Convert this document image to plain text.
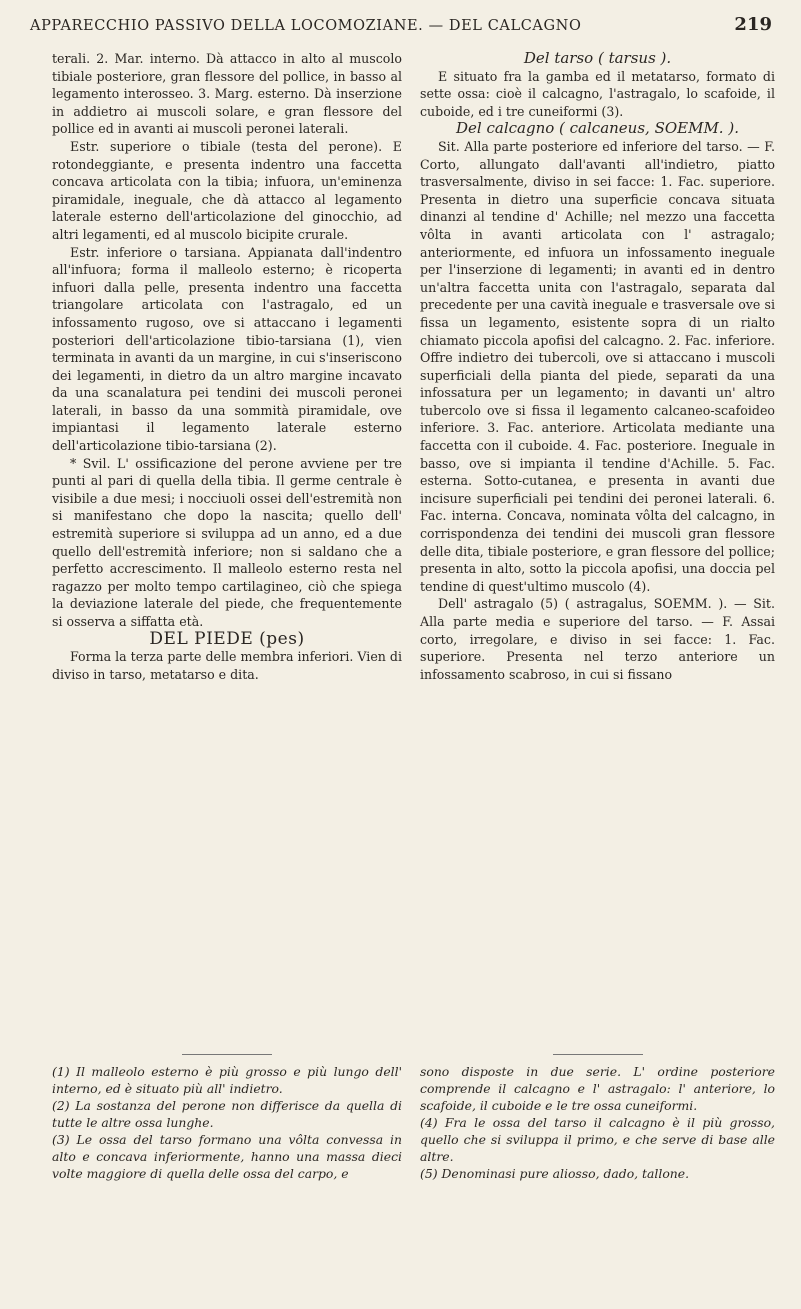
APPARECCHIO PASSIVO DELLA LOCOMOZIANE. — DEL CALCAGNO	219

terali. 2. Mar. interno. Dà attacco in alto al muscolo tibiale posteriore, gran flessore del pollice, in basso al legamento interosseo. 3. Marg. esterno. Dà inserzione in addietro ai muscoli solare, e gran flessore del pollice ed in avanti ai muscoli peronei laterali.

Estr. superiore o tibiale (testa del perone). E rotondeggiante, e presenta indentro una faccetta concava articolata con la tibia; infuora, un'eminenza piramidale, ineguale, che dà attacco al legamento laterale esterno dell'articolazione del ginocchio, ad altri legamenti, ed al muscolo bicipite crurale.

Estr. inferiore o tarsiana. Appianata dall'indentro all'infuora; forma il malleolo esterno; è ricoperta infuori dalla pelle, presenta indentro una faccetta triangolare articolata con l'astragalo, ed un infossamento rugoso, ove si attaccano i legamenti posteriori dell'articolazione tibio-tarsiana (1), vien terminata in avanti da un margine, in cui s'inseriscono dei legamenti, in dietro da un altro margine incavato da una scanalatura pei tendini dei muscoli peronei laterali, in basso da una sommità piramidale, ove impiantasi il legamento laterale esterno dell'articolazione tibio-tarsiana (2).

* Svil. L' ossificazione del perone avviene per tre punti al pari di quella della tibia. Il germe centrale è visibile a due mesi; i nocciuoli ossei dell'estremità non si manifestano che dopo la nascita; quello dell' estremità superiore si sviluppa ad un anno, ed a due quello dell'estremità inferiore; non si saldano che a perfetto accrescimento. Il malleolo esterno resta nel ragazzo per molto tempo cartilagineo, ciò che spiega la deviazione laterale del piede, che frequentemente si osserva a siffatta età.

DEL PIEDE (pes)

Forma la terza parte delle membra inferiori. Vien di diviso in tarso, metatarso e dita.

Del tarso ( tarsus ).

E situato fra la gamba ed il metatarso, formato di sette ossa: cioè il calcagno, l'astragalo, lo scafoide, il cuboide, ed i tre cuneiformi (3).

Del calcagno ( calcaneus, SOEMM. ).

Sit. Alla parte posteriore ed inferiore del tarso. — F. Corto, allungato dall'avanti all'indietro, piatto trasversalmente, diviso in sei facce: 1. Fac. superiore. Presenta in dietro una superficie concava situata dinanzi al tendine d' Achille; nel mezzo una faccetta vôlta in avanti articolata con l' astragalo; anteriormente, ed infuora un infossamento ineguale per l'inserzione di legamenti; in avanti ed in dentro un'altra faccetta unita con l'astragalo, separata dal precedente per una cavità ineguale e trasversale ove si fissa un legamento, esistente sopra di un rialto chiamato piccola apofisi del calcagno. 2. Fac. inferiore. Offre indietro dei tubercoli, ove si attaccano i muscoli superficiali della pianta del piede, separati da una infossatura per un legamento; in davanti un' altro tubercolo ove si fissa il legamento calcaneo-scafoideo inferiore. 3. Fac. anteriore. Articolata mediante una faccetta con il cuboide. 4. Fac. posteriore. Ineguale in basso, ove si impianta il tendine d'Achille. 5. Fac. esterna. Sotto-cutanea, e presenta in avanti due incisure superficiali pei tendini dei peronei laterali. 6. Fac. interna. Concava, nominata vôlta del calcagno, in corrispondenza dei tendini dei muscoli gran flessore delle dita, tibiale posteriore, e gran flessore del pollice; presenta in alto, sotto la piccola apofisi, una doccia pel tendine di quest'ultimo muscolo (4).

Dell' astragalo (5) ( astragalus, SOEMM. ). — Sit. Alla parte media e superiore del tarso. — F. Assai corto, irregolare, e diviso in sei facce: 1. Fac. superiore. Presenta nel terzo anteriore un infossamento scabroso, in cui si fissano

(1) Il malleolo esterno è più grosso e più lungo dell' interno, ed è situato più all' indietro.

(2) La sostanza del perone non differisce da quella di tutte le altre ossa lunghe.

(3) Le ossa del tarso formano una vôlta convessa in alto e concava inferiormente, hanno una massa dieci volte maggiore di quella delle ossa del carpo, e

sono disposte in due serie. L' ordine posteriore comprende il calcagno e l' astragalo: l' anteriore, lo scafoide, il cuboide e le tre ossa cuneiformi.

(4) Fra le ossa del tarso il calcagno è il più grosso, quello che si sviluppa il primo, e che serve di base alle altre.

(5) Denominasi pure aliosso, dado, tallone.
